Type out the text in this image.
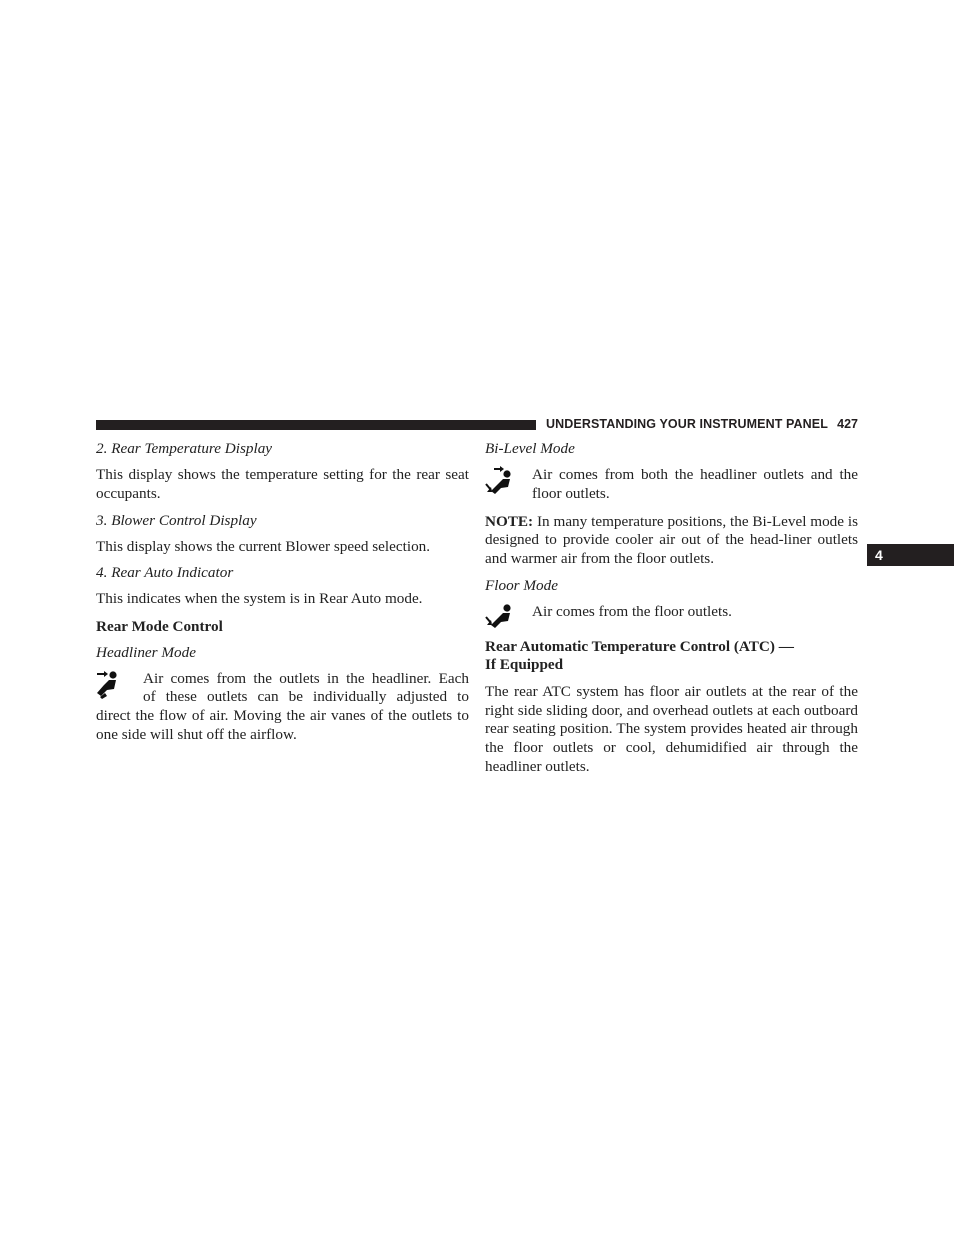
UNDERSTANDING YOUR INSTRUMENT PANEL 427
4

2. Rear Temperature Display

This display shows the temperature setting for the rear seat occupants.

3. Blower Control Display

This display shows the current Blower speed selection.

4. Rear Auto Indicator

This indicates when the system is in Rear Auto mode.

Rear Mode Control

Headliner Mode

Air comes from the outlets in the headliner. Each

of these outlets can be individually adjusted to

direct the flow of air. Moving the air vanes of the outlets to one side will shut off the airflow.

Bi-Level Mode

Air comes from both the headliner outlets and the floor outlets.

NOTE: In many temperature positions, the Bi-Level mode is designed to provide cooler air out of the head-liner outlets and warmer air from the floor outlets.

Floor Mode

Air comes from the floor outlets.

Rear Automatic Temperature Control (ATC) —

If Equipped

The rear ATC system has floor air outlets at the rear of the right side sliding door, and overhead outlets at each outboard rear seating position. The system provides heated air through the floor outlets or cool, dehumidified air through the headliner outlets.
